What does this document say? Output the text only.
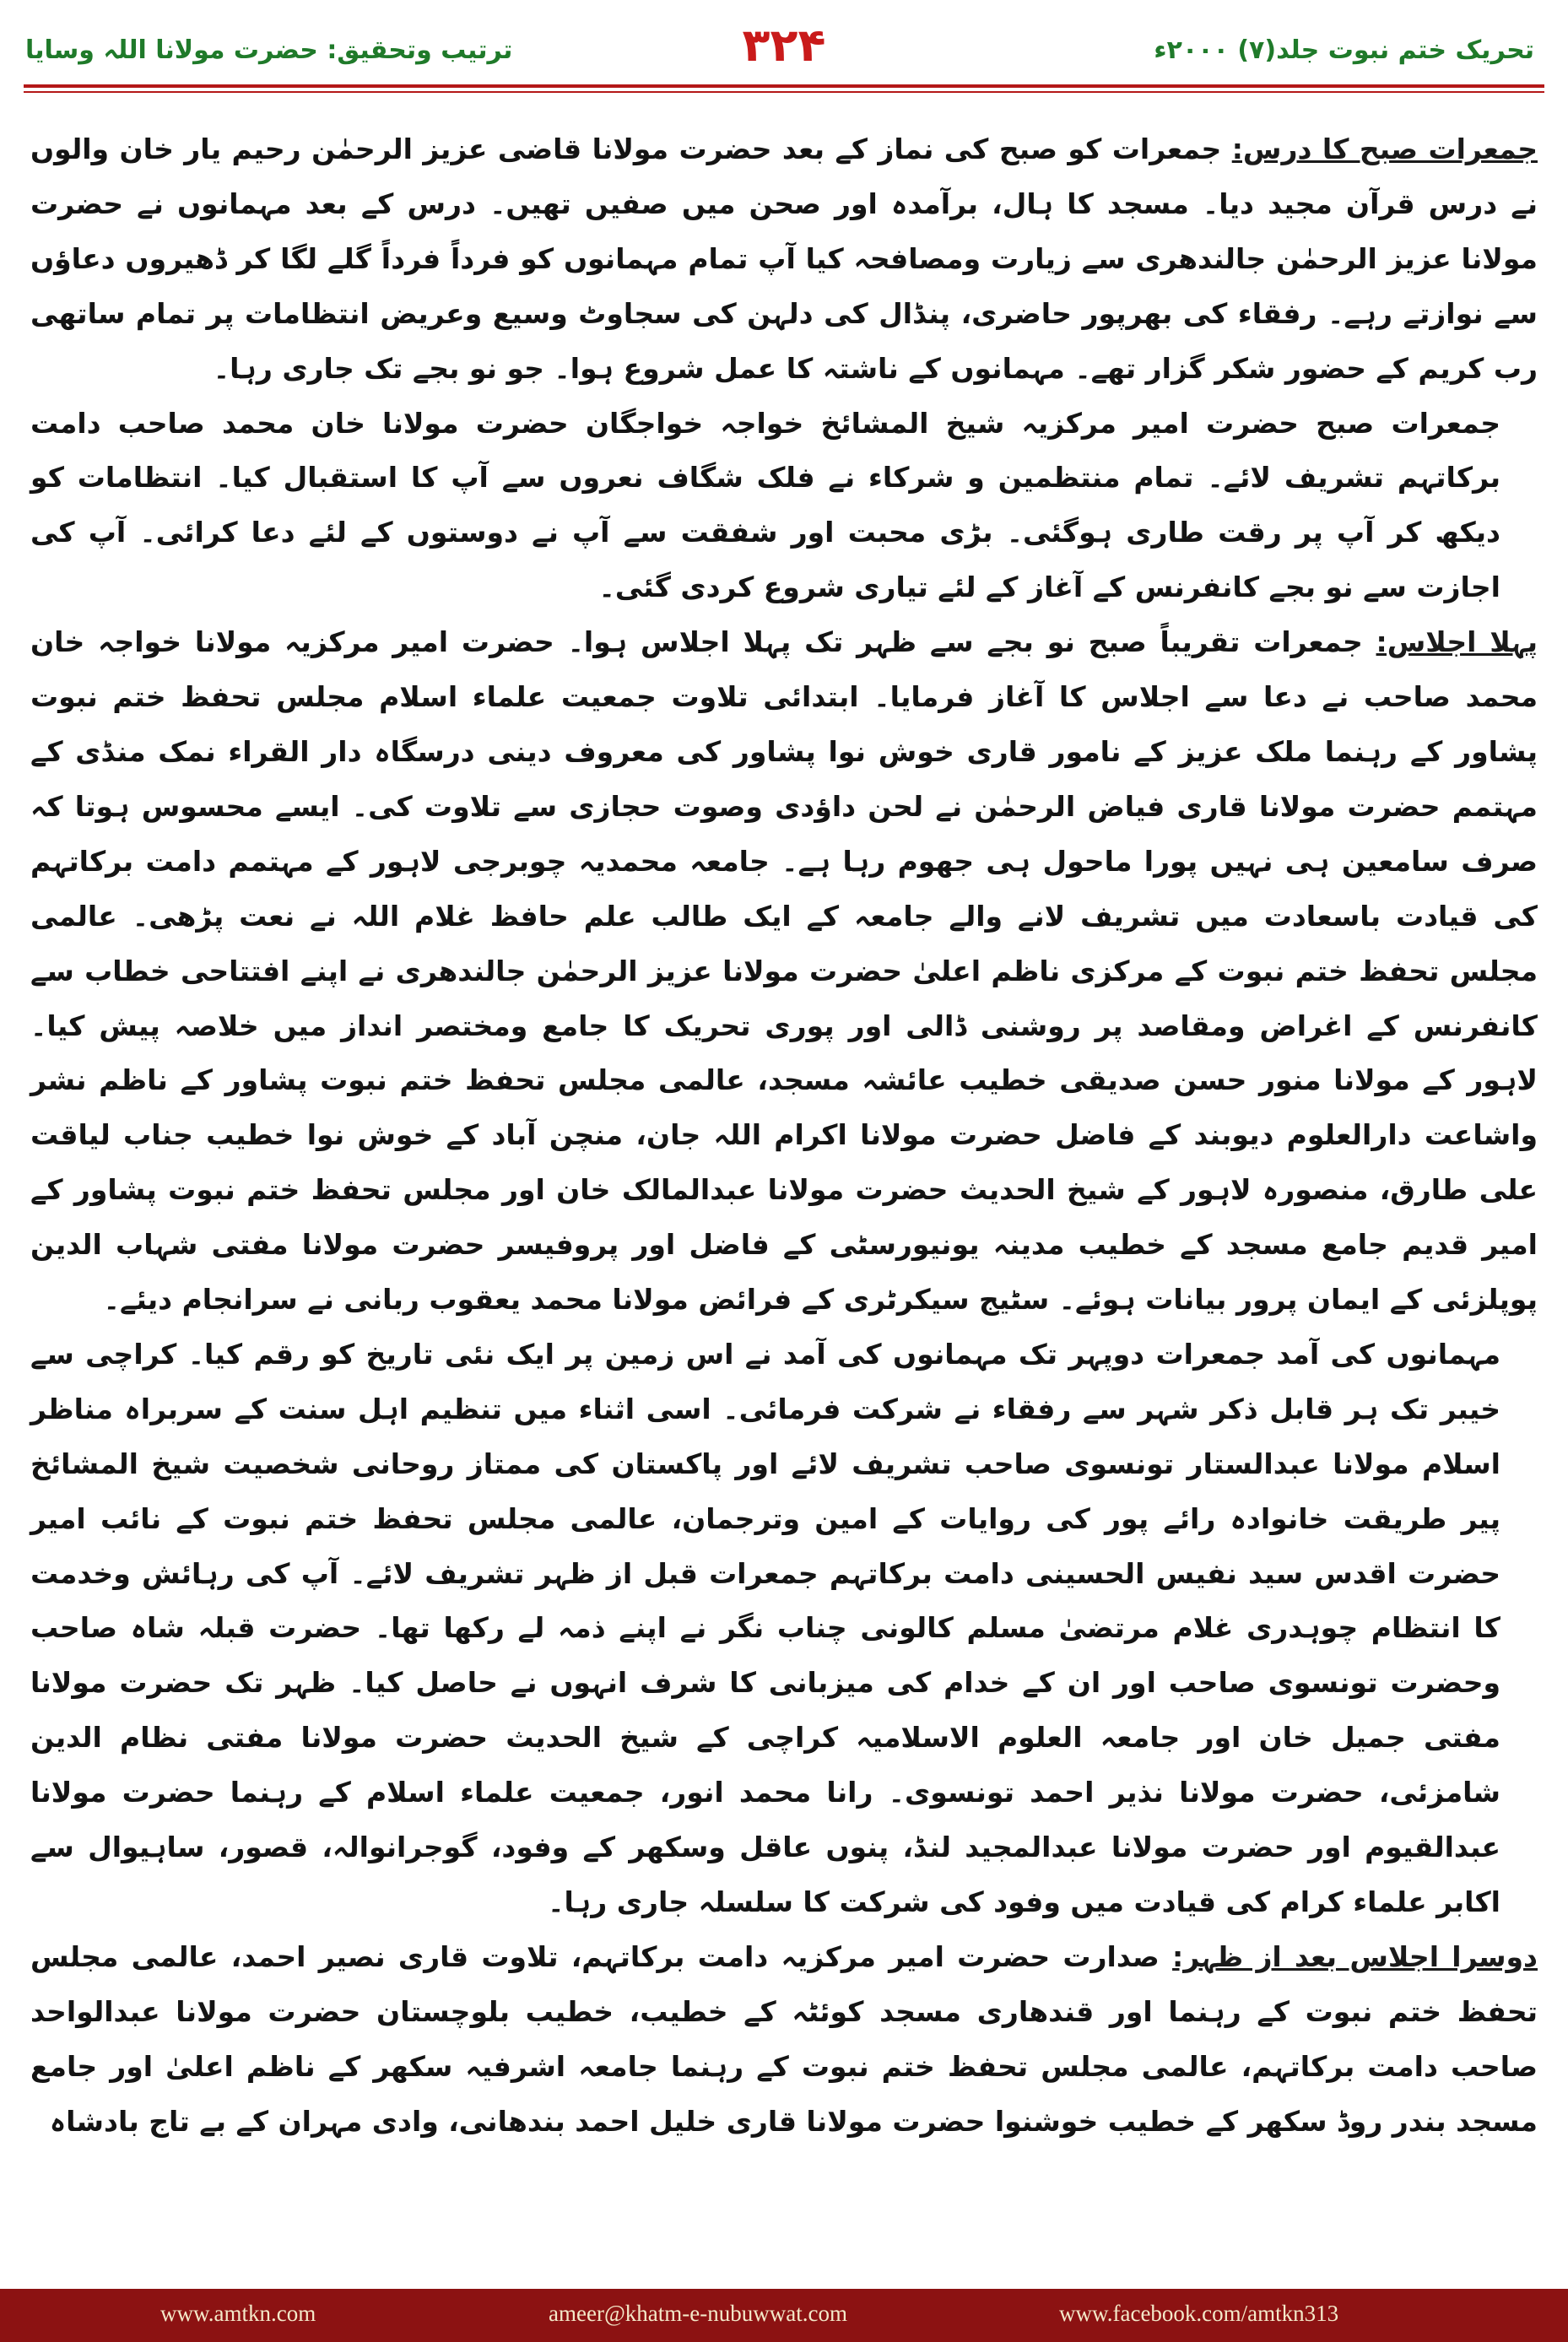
تحریک ختم نبوت جلد(۷) ۲۰۰۰ء
۳۲۴
ترتیب وتحقیق: حضرت مولانا اللہ وسایا

جمعرات صبح کا درس: جمعرات کو صبح کی نماز کے بعد حضرت مولانا قاضی عزیز الرحمٰن رحیم یار خان والوں نے درس قرآن مجید دیا۔ مسجد کا ہال، برآمدہ اور صحن میں صفیں تھیں۔ درس کے بعد مہمانوں نے حضرت مولانا عزیز الرحمٰن جالندھری سے زیارت ومصافحہ کیا آپ تمام مہمانوں کو فرداً فرداً گلے لگا کر ڈھیروں دعاؤں سے نوازتے رہے۔ رفقاء کی بھرپور حاضری، پنڈال کی دلہن کی سجاوٹ وسیع وعریض انتظامات پر تمام ساتھی رب کریم کے حضور شکر گزار تھے۔ مہمانوں کے ناشتہ کا عمل شروع ہوا۔ جو نو بجے تک جاری رہا۔

جمعرات صبح حضرت امیر مرکزیہ شیخ المشائخ خواجہ خواجگان حضرت مولانا خان محمد صاحب دامت برکاتہم تشریف لائے۔ تمام منتظمین و شرکاء نے فلک شگاف نعروں سے آپ کا استقبال کیا۔ انتظامات کو دیکھ کر آپ پر رقت طاری ہوگئی۔ بڑی محبت اور شفقت سے آپ نے دوستوں کے لئے دعا کرائی۔ آپ کی اجازت سے نو بجے کانفرنس کے آغاز کے لئے تیاری شروع کردی گئی۔

پہلا اجلاس: جمعرات تقریباً صبح نو بجے سے ظہر تک پہلا اجلاس ہوا۔ حضرت امیر مرکزیہ مولانا خواجہ خان محمد صاحب نے دعا سے اجلاس کا آغاز فرمایا۔ ابتدائی تلاوت جمعیت علماء اسلام مجلس تحفظ ختم نبوت پشاور کے رہنما ملک عزیز کے نامور قاری خوش نوا پشاور کی معروف دینی درسگاہ دار القراء نمک منڈی کے مہتمم حضرت مولانا قاری فیاض الرحمٰن نے لحن داؤدی وصوت حجازی سے تلاوت کی۔ ایسے محسوس ہوتا کہ صرف سامعین ہی نہیں پورا ماحول ہی جھوم رہا ہے۔ جامعہ محمدیہ چوبرجی لاہور کے مہتمم دامت برکاتہم کی قیادت باسعادت میں تشریف لانے والے جامعہ کے ایک طالب علم حافظ غلام اللہ نے نعت پڑھی۔ عالمی مجلس تحفظ ختم نبوت کے مرکزی ناظم اعلیٰ حضرت مولانا عزیز الرحمٰن جالندھری نے اپنے افتتاحی خطاب سے کانفرنس کے اغراض ومقاصد پر روشنی ڈالی اور پوری تحریک کا جامع ومختصر انداز میں خلاصہ پیش کیا۔ لاہور کے مولانا منور حسن صدیقی خطیب عائشہ مسجد، عالمی مجلس تحفظ ختم نبوت پشاور کے ناظم نشر واشاعت دارالعلوم دیوبند کے فاضل حضرت مولانا اکرام اللہ جان، منچن آباد کے خوش نوا خطیب جناب لیاقت علی طارق، منصورہ لاہور کے شیخ الحدیث حضرت مولانا عبدالمالک خان اور مجلس تحفظ ختم نبوت پشاور کے امیر قدیم جامع مسجد کے خطیب مدینہ یونیورسٹی کے فاضل اور پروفیسر حضرت مولانا مفتی شہاب الدین پوپلزئی کے ایمان پرور بیانات ہوئے۔ سٹیج سیکرٹری کے فرائض مولانا محمد یعقوب ربانی نے سرانجام دیئے۔

مہمانوں کی آمد جمعرات دوپہر تک مہمانوں کی آمد نے اس زمین پر ایک نئی تاریخ کو رقم کیا۔ کراچی سے خیبر تک ہر قابل ذکر شہر سے رفقاء نے شرکت فرمائی۔ اسی اثناء میں تنظیم اہل سنت کے سربراہ مناظر اسلام مولانا عبدالستار تونسوی صاحب تشریف لائے اور پاکستان کی ممتاز روحانی شخصیت شیخ المشائخ پیر طریقت خانوادہ رائے پور کی روایات کے امین وترجمان، عالمی مجلس تحفظ ختم نبوت کے نائب امیر حضرت اقدس سید نفیس الحسینی دامت برکاتہم جمعرات قبل از ظہر تشریف لائے۔ آپ کی رہائش وخدمت کا انتظام چوہدری غلام مرتضیٰ مسلم کالونی چناب نگر نے اپنے ذمہ لے رکھا تھا۔ حضرت قبلہ شاہ صاحب وحضرت تونسوی صاحب اور ان کے خدام کی میزبانی کا شرف انہوں نے حاصل کیا۔ ظہر تک حضرت مولانا مفتی جمیل خان اور جامعہ العلوم الاسلامیہ کراچی کے شیخ الحدیث حضرت مولانا مفتی نظام الدین شامزئی، حضرت مولانا نذیر احمد تونسوی۔ رانا محمد انور، جمعیت علماء اسلام کے رہنما حضرت مولانا عبدالقیوم اور حضرت مولانا عبدالمجید لنڈ، پنوں عاقل وسکھر کے وفود، گوجرانوالہ، قصور، ساہیوال سے اکابر علماء کرام کی قیادت میں وفود کی شرکت کا سلسلہ جاری رہا۔

دوسرا اجلاس بعد از ظہر: صدارت حضرت امیر مرکزیہ دامت برکاتہم، تلاوت قاری نصیر احمد، عالمی مجلس تحفظ ختم نبوت کے رہنما اور قندھاری مسجد کوئٹہ کے خطیب، خطیب بلوچستان حضرت مولانا عبدالواحد صاحب دامت برکاتہم، عالمی مجلس تحفظ ختم نبوت کے رہنما جامعہ اشرفیہ سکھر کے ناظم اعلیٰ اور جامع مسجد بندر روڈ سکھر کے خطیب خوشنوا حضرت مولانا قاری خلیل احمد بندھانی، وادی مہران کے بے تاج بادشاہ

www.amtkn.com	ameer@khatm-e-nubuwwat.com	www.facebook.com/amtkn313
